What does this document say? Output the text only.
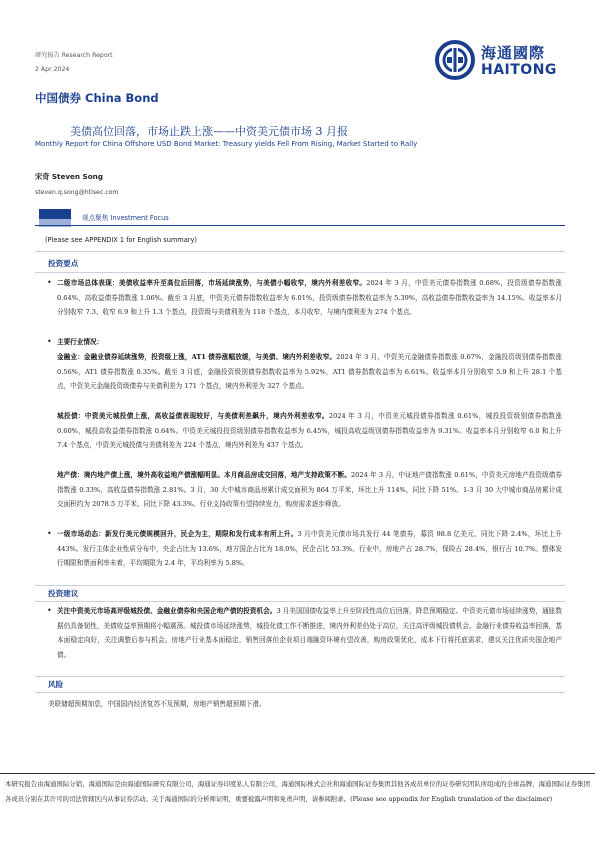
研究报告 Research Report
2 Apr 2024
海通國際
HAITONG
中国债券 China Bond
美债高位回落，市场止跌上涨——中资美元债市场 3 月报
Monthly Report for China Offshore USD Bond Market: Treasury yields Fell From Rising, Market Started to Rally
宋奇 Steven Song
steven.q.song@htisec.com
观点聚焦 Investment Focus
(Please see APPENDIX 1 for English summary)
投资要点
• 二级市场总体表现：美债收益率升至高位后回落，市场延续涨势，与美债小幅收窄，境内外利差收窄。2024 年 3 月，中资美元债券指数涨 0.68%，投资级债券指数涨 0.64%，高收益债券指数涨 1.06%。截至 3 月底，中资美元债券指数收益率为 6.01%，投资级债券指数收益率为 5.39%，高收益债券指数收益率为 14.15%。收益率本月分别收窄 7.3、收窄 6.9 和上升 1.3 个基点，投资级与美债利差为 118 个基点，本月收窄，与境内债利差为 274 个基点。
• 主要行业情况：
金融业：金融业债券延续涨势，投资级上涨，AT1 债券涨幅放缓，与美债、境内外利差收窄。2024 年 3 月，中资美元金融债券指数涨 0.67%，金融投资级别债券指数涨 0.56%，AT1 债券指数涨 0.35%。截至 3 月底，金融投资级别债券指数收益率为 5.92%，AT1 债券指数收益率为 6.61%。收益率本月分别收窄 5.9 和上升 28.1 个基点，中资美元金融投资级债券与美债利差为 171 个基点，境内外利差为 327 个基点。
城投债：中资美元城投债上涨，高收益债表现较好，与美债利差飙升，境内外利差收窄。2024 年 3 月，中资美元城投债券指数涨 0.61%，城投投资级别债券指数涨 0.60%，城投高收益债券指数涨 0.64%。中资美元城投投资级别债券指数收益率为 6.45%，城投高收益级别债券指数收益率为 9.31%。收益率本月分别收窄 6.0 和上升 7.4 个基点，中资美元城投债与美债利差为 224 个基点，境内外利差为 437 个基点。
地产债：境内地产债上涨，境外高收益地产债涨幅明显。本月商品房成交回落，地产支持政策不断。2024 年 3 月，中证地产债指数涨 0.61%，中资美元房地产投资级债券指数涨 0.33%，高收益债券指数涨 2.81%。3 月，30 大中城市商品房累计成交面积为 864 万平米，环比上升 114%，同比下降 51%。1-3 月 30 大中城市商品房累计成交面积约为 2078.5 万平米，同比下降 43.3%。行业支持政策有望持续发力，购房需求逐步释放。
• 一级市场动态：新发行美元债规模回升，民企为主，期限和发行成本有所上升。3 月中资美元债市场共发行 44 笔债券，募资 98.8 亿美元，同比下降 2.4%，环比上升 443%。发行主体企业性质分布中，央企占比为 13.6%，地方国企占比为 18.0%，民企占比 53.3%。行业中，房地产占 28.7%，保险占 28.4%，银行占 10.7%。整体发行期限和票面利率未着，平均期限为 2.4 年，平均利率为 5.8%。
投资建议
• 关注中资美元市场高评级城投债、金融业债券和央国企地产债的投资机会。3 月美国国债收益率上升至阶段性高位后回落，降息预期稳定。中资美元债市场延续涨势，通胀数据仍具备韧性，美债收益率预期将小幅震荡。城投债市场延续涨势，城投化债工作不断推进，境内外利差仍处于高位，关注高评级城投债机会。金融行业债券收益率回落，基本面稳定向好，关注调整后参与机会。房地产行业基本面稳定，销售回落但企业项目端融资环境有望改善，购房政策优化，成本下行将托底需求，建议关注优质央国企地产债。
风险
美联储超预期加息，中国国内经济复苏不及预期，房地产销售超预期下滑。
本研究报告由海通国际分销，海通国际是由海通国际研究有限公司，海通证券印度私人有限公司，海通国际株式会社和海通国际证券集团其他各成员单位的证券研究团队所组成的全球品牌，海通国际证券集团各成员分别在其许可的司法管辖区内从事证券活动。关于海通国际的分析师证明，重要披露声明和免责声明，请参阅附录。(Please see appendix for English translation of the disclaimer)
